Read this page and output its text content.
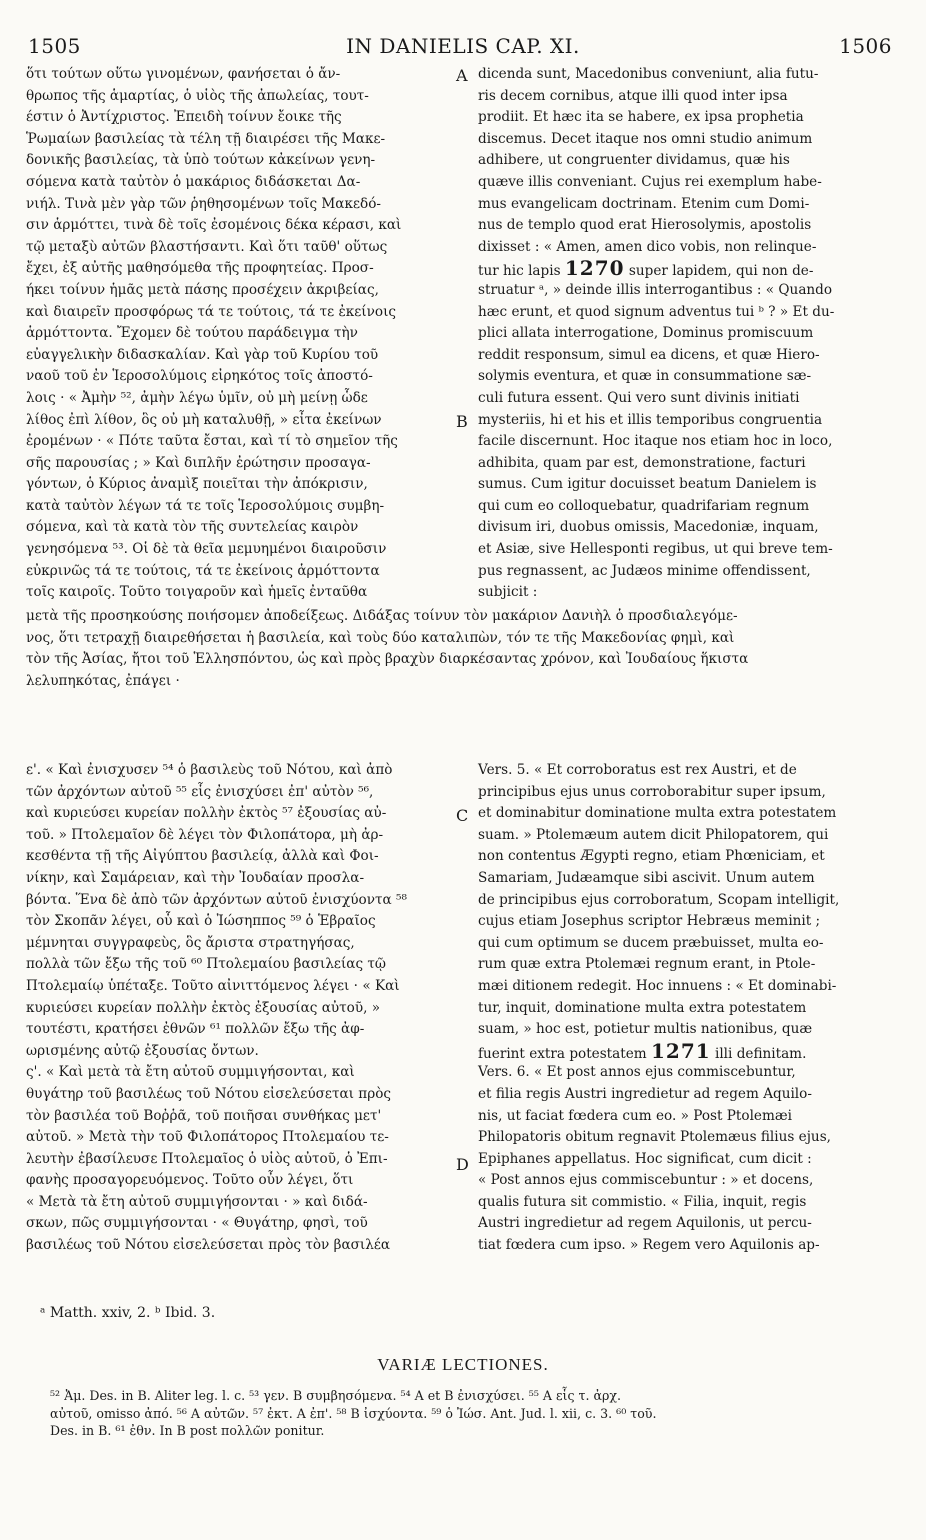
1505	IN DANIELIS CAP. XI.	1506
A
B
C
D
ὅτι τούτων οὕτω γινομένων, φανήσεται ὁ ἄν-
θρωπος τῆς ἁμαρτίας, ὁ υἱὸς τῆς ἀπωλείας, τουτ-
έστιν ὁ Ἀντίχριστος. Ἐπειδὴ τοίνυν ἔοικε τῆς
Ῥωμαίων βασιλείας τὰ τέλη τῇ διαιρέσει τῆς Μακε-
δονικῆς βασιλείας, τὰ ὑπὸ τούτων κἀκείνων γενη-
σόμενα κατὰ ταὐτὸν ὁ μακάριος διδάσκεται Δα-
νιήλ. Τινὰ μὲν γὰρ τῶν ῥηθησομένων τοῖς Μακεδό-
σιν ἁρμόττει, τινὰ δὲ τοῖς ἐσομένοις δέκα κέρασι, καὶ
τῷ μεταξὺ αὐτῶν βλαστήσαντι. Καὶ ὅτι ταῦθ' οὕτως
ἔχει, ἐξ αὐτῆς μαθησόμεθα τῆς προφητείας. Προσ-
ήκει τοίνυν ἡμᾶς μετὰ πάσης προσέχειν ἀκριβείας,
καὶ διαιρεῖν προσφόρως τά τε τούτοις, τά τε ἐκείνοις
ἁρμόττοντα. Ἔχομεν δὲ τούτου παράδειγμα τὴν
εὐαγγελικὴν διδασκαλίαν. Καὶ γὰρ τοῦ Κυρίου τοῦ
ναοῦ τοῦ ἐν Ἱεροσολύμοις εἰρηκότος τοῖς ἀποστό-
λοις · « Ἀμὴν ⁵², ἀμὴν λέγω ὑμῖν, οὐ μὴ μείνῃ ὧδε
λίθος ἐπὶ λίθον, ὃς οὐ μὴ καταλυθῇ, » εἶτα ἐκείνων
ἐρομένων · « Πότε ταῦτα ἔσται, καὶ τί τὸ σημεῖον τῆς
σῆς παρουσίας ; » Καὶ διπλῆν ἐρώτησιν προσαγα-
γόντων, ὁ Κύριος ἀναμὶξ ποιεῖται τὴν ἀπόκρισιν,
κατὰ ταὐτὸν λέγων τά τε τοῖς Ἱεροσολύμοις συμβη-
σόμενα, καὶ τὰ κατὰ τὸν τῆς συντελείας καιρὸν
γενησόμενα ⁵³. Οἱ δὲ τὰ θεῖα μεμυημένοι διαιροῦσιν
εὐκρινῶς τά τε τούτοις, τά τε ἐκείνοις ἁρμόττοντα
τοῖς καιροῖς. Τοῦτο τοιγαροῦν καὶ ἡμεῖς ἐνταῦθα
dicenda sunt, Macedonibus conveniunt, alia futu-
ris decem cornibus, atque illi quod inter ipsa
prodiit. Et hæc ita se habere, ex ipsa prophetia
discemus. Decet itaque nos omni studio animum
adhibere, ut congruenter dividamus, quæ his
quæve illis conveniant. Cujus rei exemplum habe-
mus evangelicam doctrinam. Etenim cum Domi-
nus de templo quod erat Hierosolymis, apostolis
dixisset : « Amen, amen dico vobis, non relinque-
tur hic lapis 1270 super lapidem, qui non de-
struatur ᵃ, » deinde illis interrogantibus : « Quando
hæc erunt, et quod signum adventus tui ᵇ ? » Et du-
plici allata interrogatione, Dominus promiscuum
reddit responsum, simul ea dicens, et quæ Hiero-
solymis eventura, et quæ in consummatione sæ-
culi futura essent. Qui vero sunt divinis initiati
mysteriis, hi et his et illis temporibus congruentia
facile discernunt. Hoc itaque nos etiam hoc in loco,
adhibita, quam par est, demonstratione, facturi
sumus. Cum igitur docuisset beatum Danielem is
qui cum eo colloquebatur, quadrifariam regnum
divisum iri, duobus omissis, Macedoniæ, inquam,
et Asiæ, sive Hellesponti regibus, ut qui breve tem-
pus regnassent, ac Judæos minime offendissent,
subjicit :
μετὰ τῆς προσηκούσης ποιήσομεν ἀποδείξεως. Διδάξας τοίνυν τὸν μακάριον Δανιὴλ ὁ προσδιαλεγόμε-
νος, ὅτι τετραχῇ διαιρεθήσεται ἡ βασιλεία, καὶ τοὺς δύο καταλιπὼν, τόν τε τῆς Μακεδονίας φημὶ, καὶ
τὸν τῆς Ἀσίας, ἤτοι τοῦ Ἑλλησπόντου, ὡς καὶ πρὸς βραχὺν διαρκέσαντας χρόνον, καὶ Ἰουδαίους ἥκιστα
λελυπηκότας, ἐπάγει ·
ε'. « Καὶ ἐνισχυσεν ⁵⁴ ὁ βασιλεὺς τοῦ Νότου, καὶ ἀπὸ
τῶν ἀρχόντων αὐτοῦ ⁵⁵ εἷς ἐνισχύσει ἐπ' αὐτὸν ⁵⁶,
καὶ κυριεύσει κυρείαν πολλὴν ἐκτὸς ⁵⁷ ἐξουσίας αὐ-
τοῦ. » Πτολεμαῖον δὲ λέγει τὸν Φιλοπάτορα, μὴ ἀρ-
κεσθέντα τῇ τῆς Αἰγύπτου βασιλείᾳ, ἀλλὰ καὶ Φοι-
νίκην, καὶ Σαμάρειαν, καὶ τὴν Ἰουδαίαν προσλα-
βόντα. Ἕνα δὲ ἀπὸ τῶν ἀρχόντων αὐτοῦ ἐνισχύοντα ⁵⁸
τὸν Σκοπᾶν λέγει, οὗ καὶ ὁ Ἰώσηππος ⁵⁹ ὁ Ἑβραῖος
μέμνηται συγγραφεὺς, ὃς ἄριστα στρατηγήσας,
πολλὰ τῶν ἔξω τῆς τοῦ ⁶⁰ Πτολεμαίου βασιλείας τῷ
Πτολεμαίῳ ὑπέταξε. Τοῦτο αἰνιττόμενος λέγει · « Καὶ
κυριεύσει κυρείαν πολλὴν ἐκτὸς ἐξουσίας αὐτοῦ, »
τουτέστι, κρατήσει ἐθνῶν ⁶¹ πολλῶν ἔξω τῆς ἀφ-
ωρισμένης αὐτῷ ἐξουσίας ὄντων.
ς'. « Καὶ μετὰ τὰ ἔτη αὐτοῦ συμμιγήσονται, καὶ
θυγάτηρ τοῦ βασιλέως τοῦ Νότου εἰσελεύσεται πρὸς
τὸν βασιλέα τοῦ Βοῤῥᾶ, τοῦ ποιῆσαι συνθήκας μετ'
αὐτοῦ. » Μετὰ τὴν τοῦ Φιλοπάτορος Πτολεμαίου τε-
λευτὴν ἐβασίλευσε Πτολεμαῖος ὁ υἱὸς αὐτοῦ, ὁ Ἐπι-
φανὴς προσαγορευόμενος. Τοῦτο οὖν λέγει, ὅτι
« Μετὰ τὰ ἔτη αὐτοῦ συμμιγήσονται · » καὶ διδά-
σκων, πῶς συμμιγήσονται · « Θυγάτηρ, φησὶ, τοῦ
βασιλέως τοῦ Νότου εἰσελεύσεται πρὸς τὸν βασιλέα
Vers. 5. « Et corroboratus est rex Austri, et de
principibus ejus unus corroborabitur super ipsum,
et dominabitur dominatione multa extra potestatem
suam. » Ptolemæum autem dicit Philopatorem, qui
non contentus Ægypti regno, etiam Phœniciam, et
Samariam, Judæamque sibi ascivit. Unum autem
de principibus ejus corroboratum, Scopam intelligit,
cujus etiam Josephus scriptor Hebræus meminit ;
qui cum optimum se ducem præbuisset, multa eo-
rum quæ extra Ptolemæi regnum erant, in Ptole-
mæi ditionem redegit. Hoc innuens : « Et dominabi-
tur, inquit, dominatione multa extra potestatem
suam, » hoc est, potietur multis nationibus, quæ
fuerint extra potestatem 1271 illi definitam.
Vers. 6. « Et post annos ejus commiscebuntur,
et filia regis Austri ingredietur ad regem Aquilo-
nis, ut faciat fœdera cum eo. » Post Ptolemæi
Philopatoris obitum regnavit Ptolemæus filius ejus,
Epiphanes appellatus. Hoc significat, cum dicit :
« Post annos ejus commiscebuntur : » et docens,
qualis futura sit commistio. « Filia, inquit, regis
Austri ingredietur ad regem Aquilonis, ut percu-
tiat fœdera cum ipso. » Regem vero Aquilonis ap-
ᵃ Matth. xxiv, 2. ᵇ Ibid. 3.
VARIÆ LECTIONES.
⁵² Ἀμ. Des. in B. Aliter leg. l. c. ⁵³ γεν. B συμβησόμενα. ⁵⁴ A et B ἐνισχύσει. ⁵⁵ A εἷς τ. ἀρχ.
αὐτοῦ, omisso ἀπό. ⁵⁶ A αὐτῶν. ⁵⁷ ἐκτ. A ἐπ'. ⁵⁸ B ἰσχύοντα. ⁵⁹ ὁ Ἰώσ. Ant. Jud. l. xii, c. 3. ⁶⁰ τοῦ.
Des. in B. ⁶¹ ἐθν. In B post πολλῶν ponitur.
